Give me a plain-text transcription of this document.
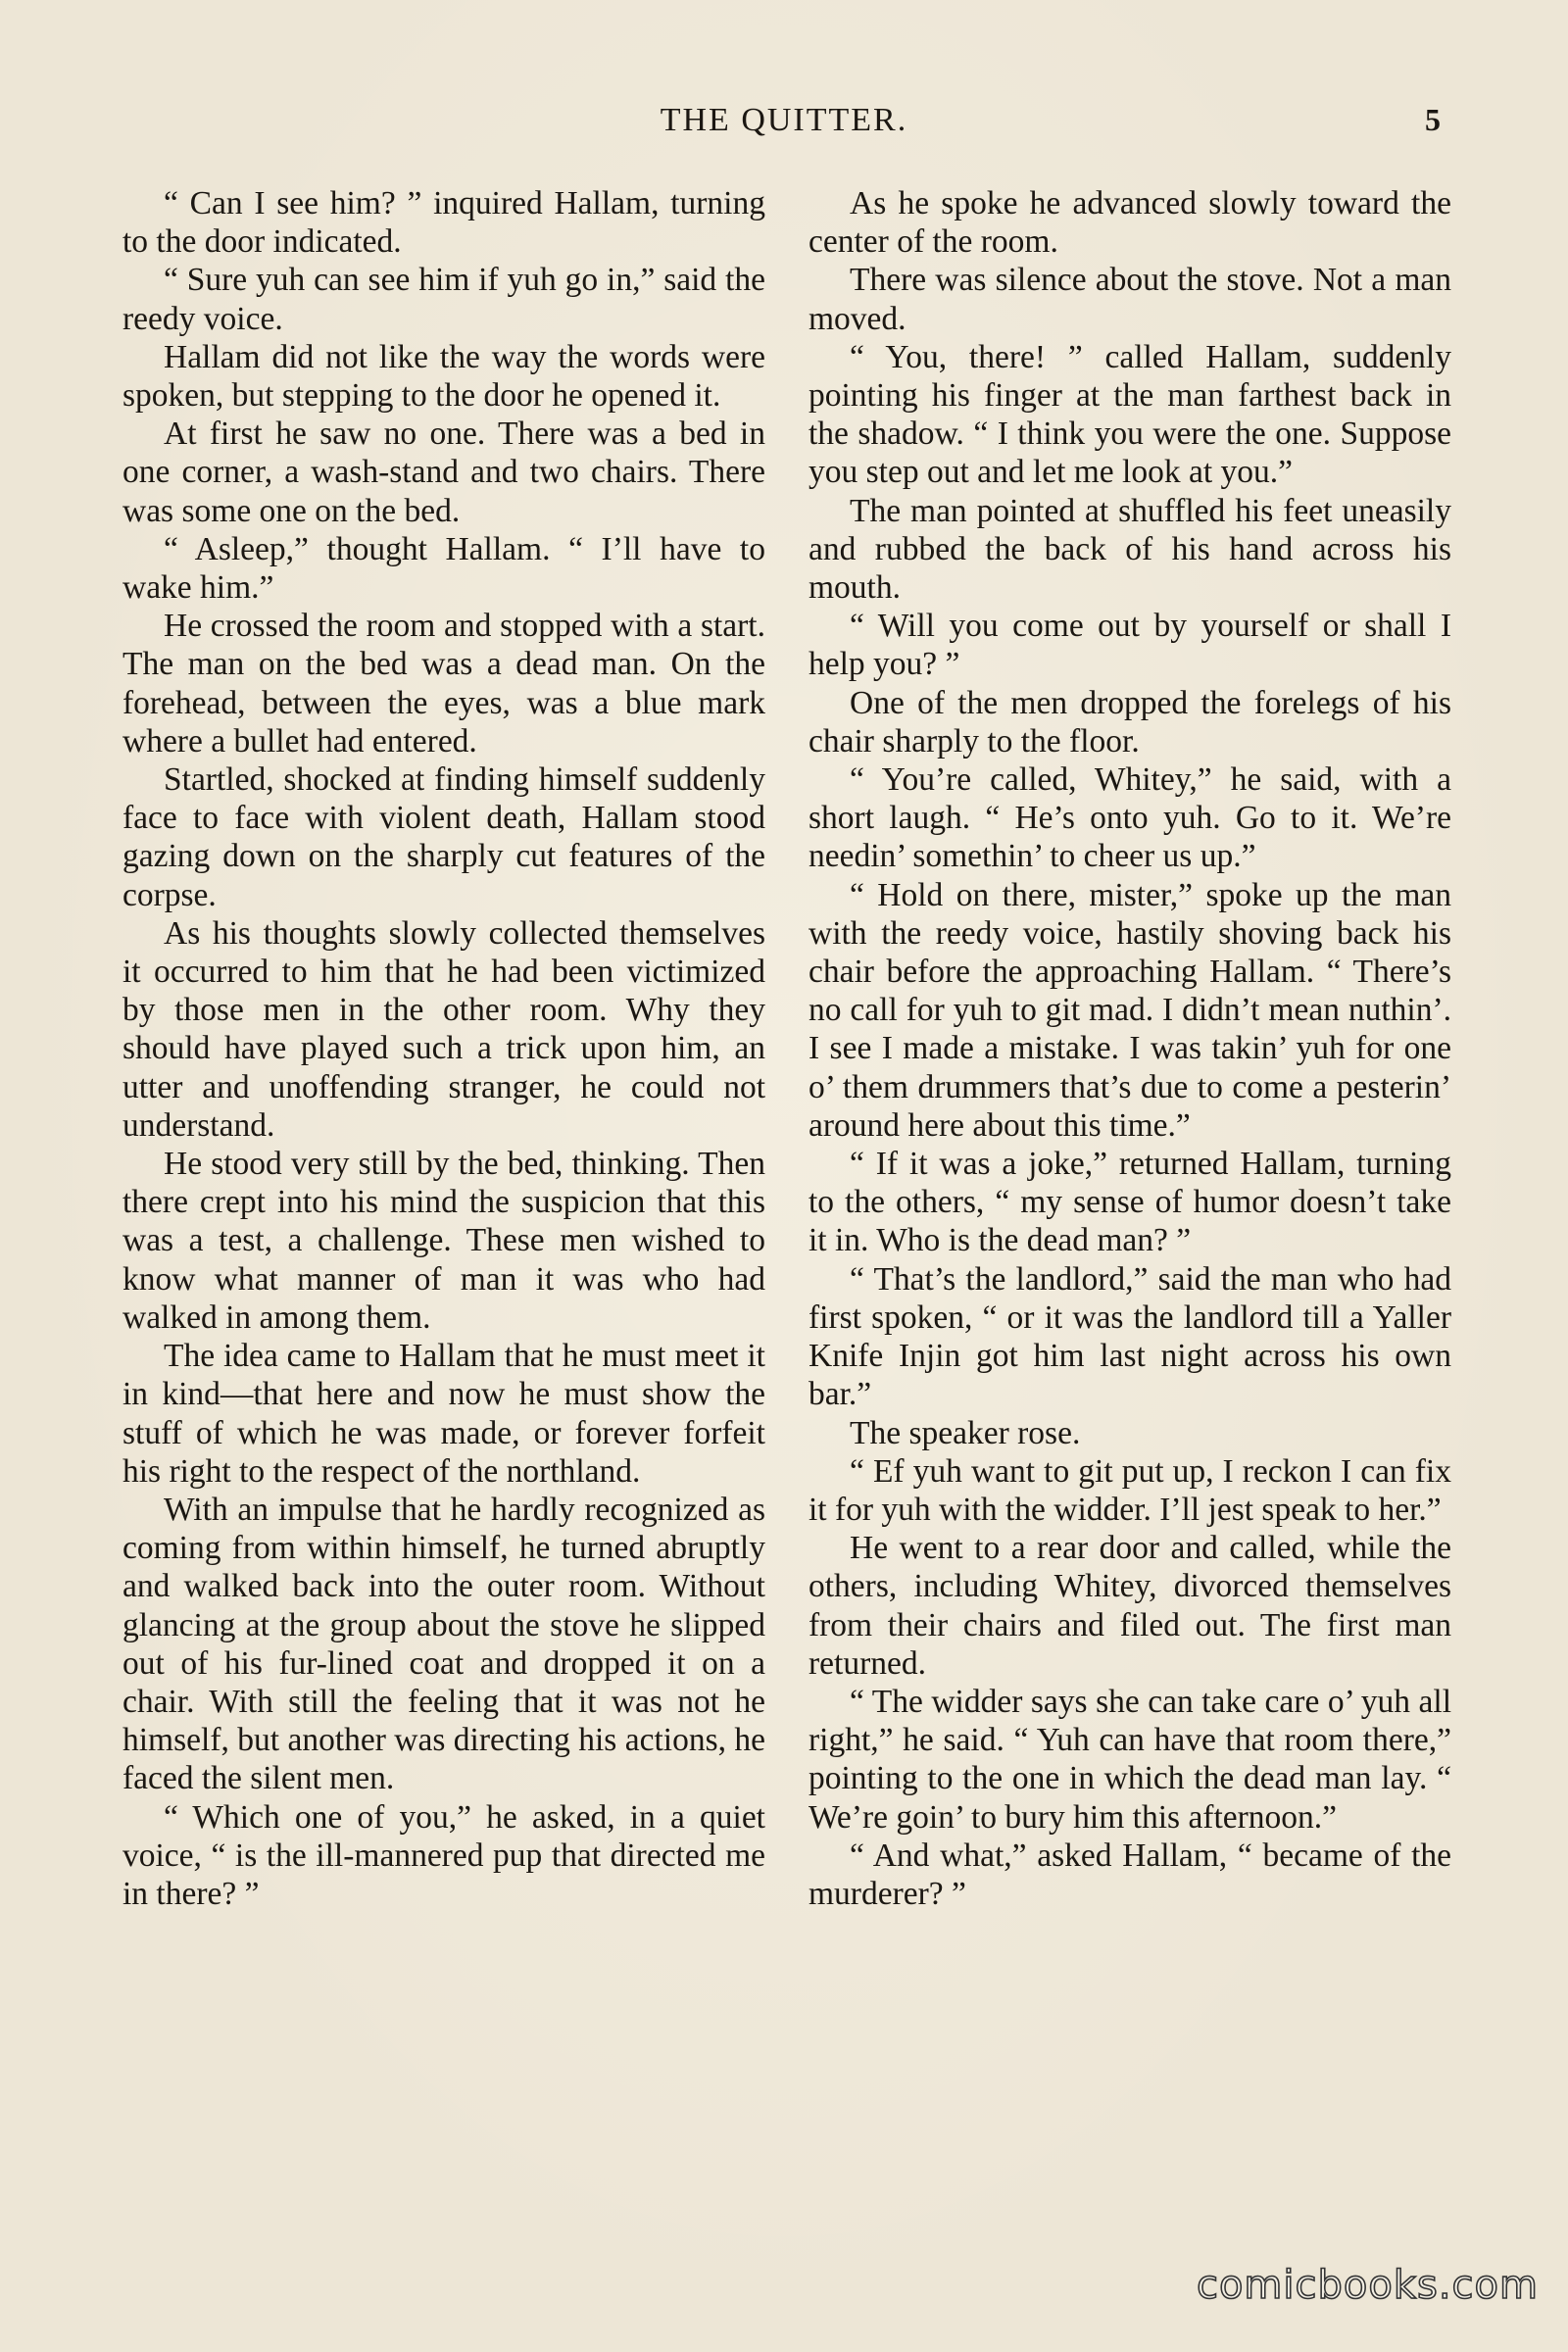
THE QUITTER.	5

“ Can I see him? ” inquired Hallam, turning to the door indicated.

“ Sure yuh can see him if yuh go in,” said the reedy voice.

Hallam did not like the way the words were spoken, but stepping to the door he opened it.

At first he saw no one. There was a bed in one corner, a wash-stand and two chairs. There was some one on the bed.

“ Asleep,” thought Hallam. “ I’ll have to wake him.”

He crossed the room and stopped with a start. The man on the bed was a dead man. On the forehead, between the eyes, was a blue mark where a bullet had entered.

Startled, shocked at finding himself suddenly face to face with violent death, Hallam stood gazing down on the sharply cut features of the corpse.

As his thoughts slowly collected themselves it occurred to him that he had been victimized by those men in the other room. Why they should have played such a trick upon him, an utter and unoffending stranger, he could not understand.

He stood very still by the bed, thinking. Then there crept into his mind the suspicion that this was a test, a challenge. These men wished to know what manner of man it was who had walked in among them.

The idea came to Hallam that he must meet it in kind—that here and now he must show the stuff of which he was made, or forever forfeit his right to the respect of the northland.

With an impulse that he hardly recognized as coming from within himself, he turned abruptly and walked back into the outer room. Without glancing at the group about the stove he slipped out of his fur-lined coat and dropped it on a chair. With still the feeling that it was not he himself, but another was directing his actions, he faced the silent men.

“ Which one of you,” he asked, in a quiet voice, “ is the ill-mannered pup that directed me in there? ”

As he spoke he advanced slowly toward the center of the room.

There was silence about the stove. Not a man moved.

“ You, there! ” called Hallam, suddenly pointing his finger at the man farthest back in the shadow. “ I think you were the one. Suppose you step out and let me look at you.”

The man pointed at shuffled his feet uneasily and rubbed the back of his hand across his mouth.

“ Will you come out by yourself or shall I help you? ”

One of the men dropped the forelegs of his chair sharply to the floor.

“ You’re called, Whitey,” he said, with a short laugh. “ He’s onto yuh. Go to it. We’re needin’ somethin’ to cheer us up.”

“ Hold on there, mister,” spoke up the man with the reedy voice, hastily shoving back his chair before the approaching Hallam. “ There’s no call for yuh to git mad. I didn’t mean nuthin’. I see I made a mistake. I was takin’ yuh for one o’ them drummers that’s due to come a pesterin’ around here about this time.”

“ If it was a joke,” returned Hallam, turning to the others, “ my sense of humor doesn’t take it in. Who is the dead man? ”

“ That’s the landlord,” said the man who had first spoken, “ or it was the landlord till a Yaller Knife Injin got him last night across his own bar.”

The speaker rose.

“ Ef yuh want to git put up, I reckon I can fix it for yuh with the widder. I’ll jest speak to her.”

He went to a rear door and called, while the others, including Whitey, divorced themselves from their chairs and filed out. The first man returned.

“ The widder says she can take care o’ yuh all right,” he said. “ Yuh can have that room there,” pointing to the one in which the dead man lay. “ We’re goin’ to bury him this afternoon.”

“ And what,” asked Hallam, “ became of the murderer? ”

comicbooks.com
